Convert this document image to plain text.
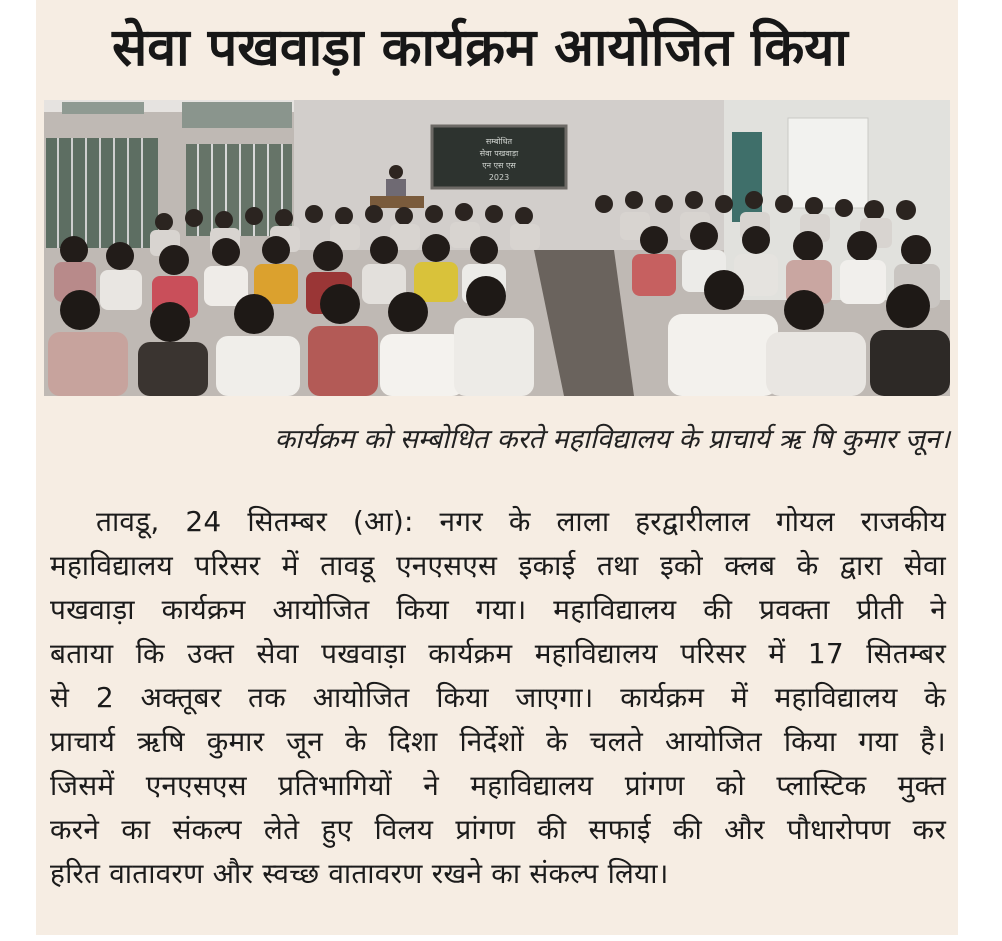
सेवा पखवाड़ा कार्यक्रम आयोजित किया
सम्बोधित
सेवा पखवाड़ा
एन एस एस
2023
कार्यक्रम को सम्बोधित करते महाविद्यालय के प्राचार्य ऋ षि कुमार जून।
तावडू, 24 सितम्बर (आ): नगर के लाला हरद्वारीलाल गोयल राजकीय
महाविद्यालय परिसर में तावडू एनएसएस इकाई तथा इको क्लब के द्वारा सेवा
पखवाड़ा कार्यक्रम आयोजित किया गया। महाविद्यालय की प्रवक्ता प्रीती ने
बताया कि उक्त सेवा पखवाड़ा कार्यक्रम महाविद्यालय परिसर में 17 सितम्बर
से 2 अक्तूबर तक आयोजित किया जाएगा। कार्यक्रम में महाविद्यालय के
प्राचार्य ऋषि कुमार जून के दिशा निर्देशों के चलते आयोजित किया गया है।
जिसमें एनएसएस प्रतिभागियों ने महाविद्यालय प्रांगण को प्लास्टिक मुक्त
करने का संकल्प लेते हुए विलय प्रांगण की सफाई की और पौधारोपण कर
हरित वातावरण और स्वच्छ वातावरण रखने का संकल्प लिया।
